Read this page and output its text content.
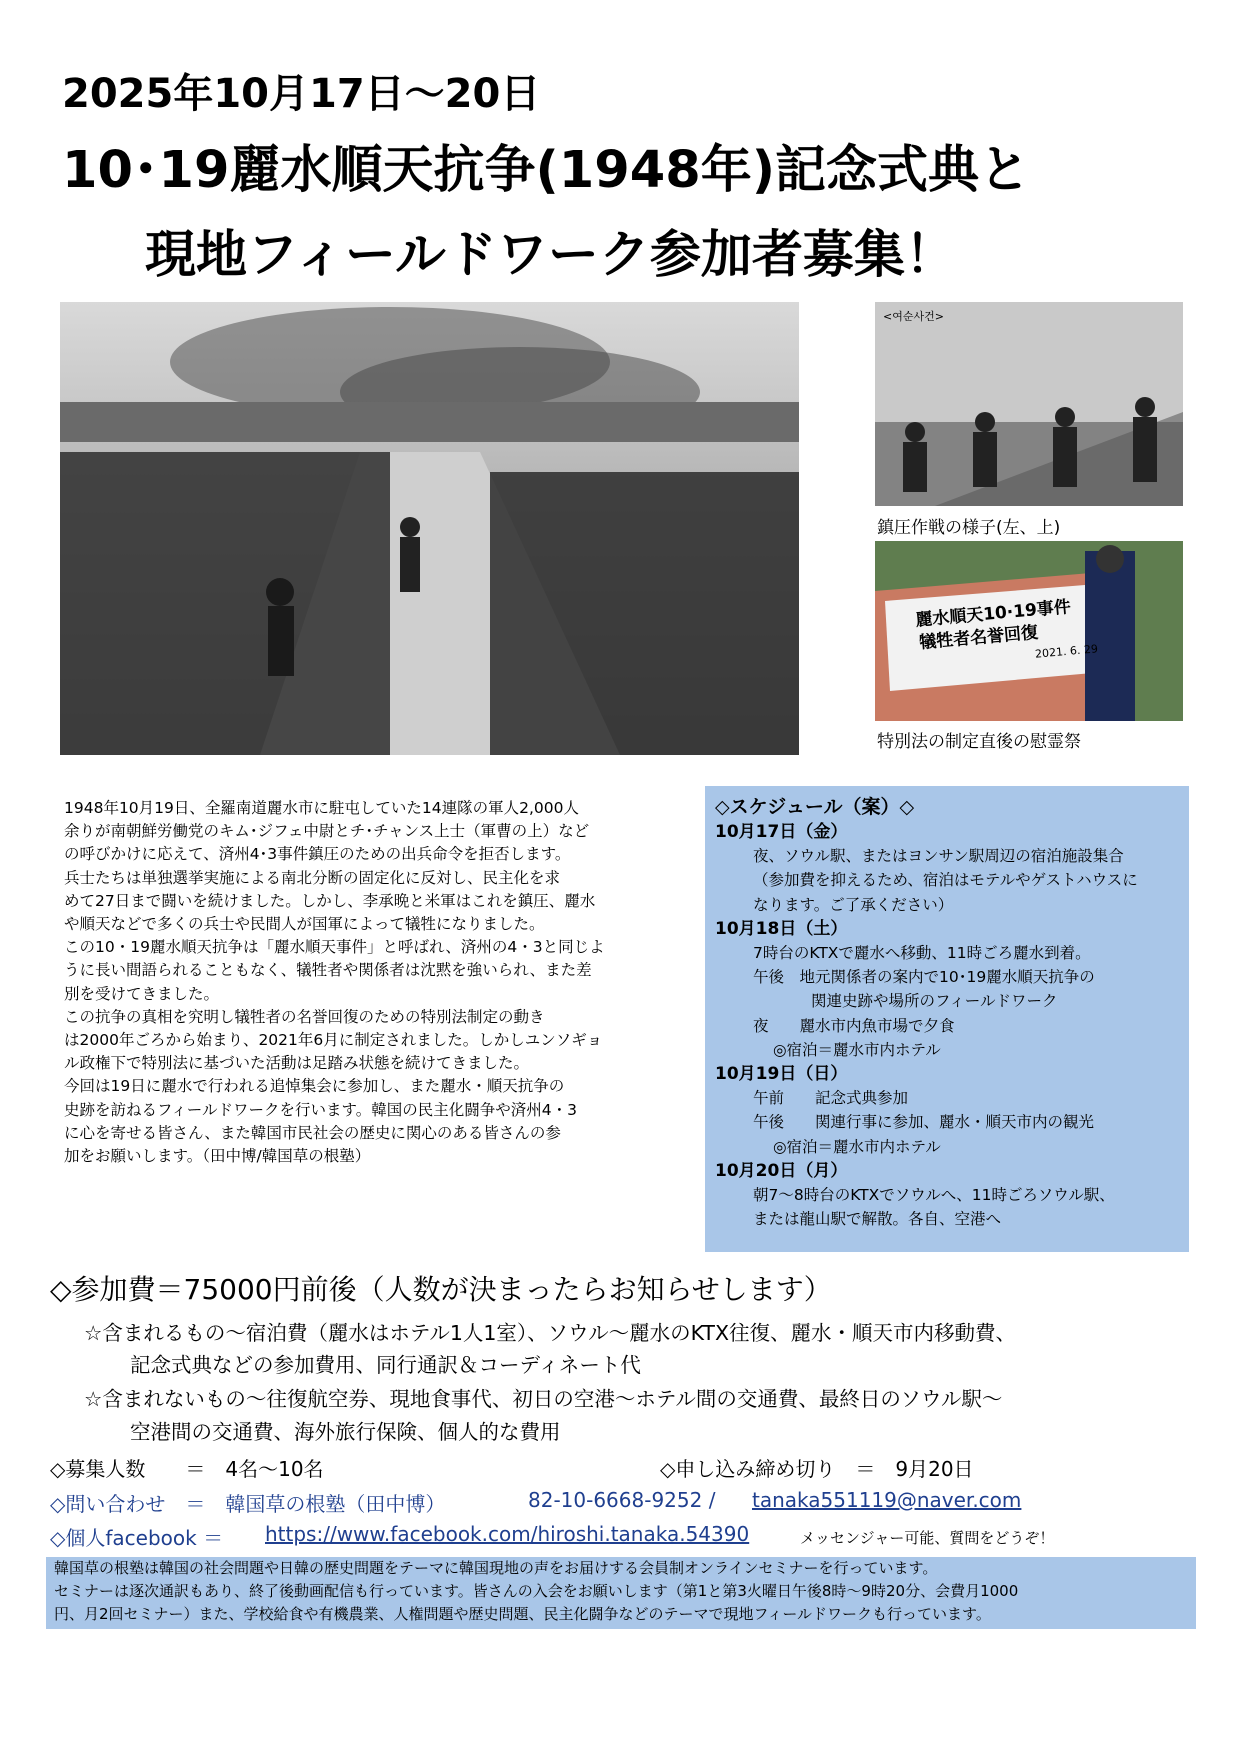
2025年10月17日～20日
10･19麗水順天抗争(1948年)記念式典と
現地フィールドワーク参加者募集！
<여순사건>
鎮圧作戦の様子(左、上)
麗水順天10·19事件
犠牲者名誉回復
2021. 6. 29
特別法の制定直後の慰霊祭

1948年10月19日、全羅南道麗水市に駐屯していた14連隊の軍人2,000人

余りが南朝鮮労働党のキム･ジフェ中尉とチ･チャンス上士（軍曹の上）など

の呼びかけに応えて、済州4･3事件鎮圧のための出兵命令を拒否します。

兵士たちは単独選挙実施による南北分断の固定化に反対し、民主化を求

めて27日まで闘いを続けました。しかし、李承晩と米軍はこれを鎮圧、麗水

や順天などで多くの兵士や民間人が国軍によって犠牲になりました。

この10・19麗水順天抗争は「麗水順天事件」と呼ばれ、済州の4・3と同じよ

うに長い間語られることもなく、犠牲者や関係者は沈黙を強いられ、また差

別を受けてきました。

この抗争の真相を究明し犠牲者の名誉回復のための特別法制定の動き

は2000年ごろから始まり、2021年6月に制定されました。しかしユンソギョ

ル政権下で特別法に基づいた活動は足踏み状態を続けてきました。

今回は19日に麗水で行われる追悼集会に参加し、また麗水・順天抗争の

史跡を訪ねるフィールドワークを行います。韓国の民主化闘争や済州4・3

に心を寄せる皆さん、また韓国市民社会の歴史に関心のある皆さんの参

加をお願いします。（田中博/韓国草の根塾）

◇スケジュール（案）◇
10月17日（金）
夜、ソウル駅、またはヨンサン駅周辺の宿泊施設集合
（参加費を抑えるため、宿泊はモテルやゲストハウスに
なります。ご了承ください）
10月18日（土）
7時台のKTXで麗水へ移動、11時ごろ麗水到着。
午後　地元関係者の案内で10･19麗水順天抗争の
関連史跡や場所のフィールドワーク
夜　　麗水市内魚市場で夕食
◎宿泊＝麗水市内ホテル
10月19日（日）
午前　　記念式典参加
午後　　関連行事に参加、麗水・順天市内の観光
◎宿泊＝麗水市内ホテル
10月20日（月）
朝7～8時台のKTXでソウルへ、11時ごろソウル駅、
または龍山駅で解散。各自、空港へ
◇参加費＝75000円前後（人数が決まったらお知らせします）
☆含まれるもの～宿泊費（麗水はホテル1人1室）、ソウル～麗水のKTX往復、麗水・順天市内移動費、
記念式典などの参加費用、同行通訳＆コーディネート代
☆含まれないもの～往復航空券、現地食事代、初日の空港～ホテル間の交通費、最終日のソウル駅～
空港間の交通費、海外旅行保険、個人的な費用
◇募集人数　　＝　4名～10名	◇申し込み締め切り　＝　9月20日
◇問い合わせ　＝　韓国草の根塾（田中博）	82-10-6668-9252 / tanaka551119@naver.com
◇個人facebook ＝ https://www.facebook.com/hiroshi.tanaka.54390	メッセンジャー可能、質問をどうぞ！
韓国草の根塾は韓国の社会問題や日韓の歴史問題をテーマに韓国現地の声をお届けする会員制オンラインセミナーを行っています。
セミナーは逐次通訳もあり、終了後動画配信も行っています。皆さんの入会をお願いします（第1と第3火曜日午後8時～9時20分、会費月1000
円、月2回セミナー）また、学校給食や有機農業、人権問題や歴史問題、民主化闘争などのテーマで現地フィールドワークも行っています。
